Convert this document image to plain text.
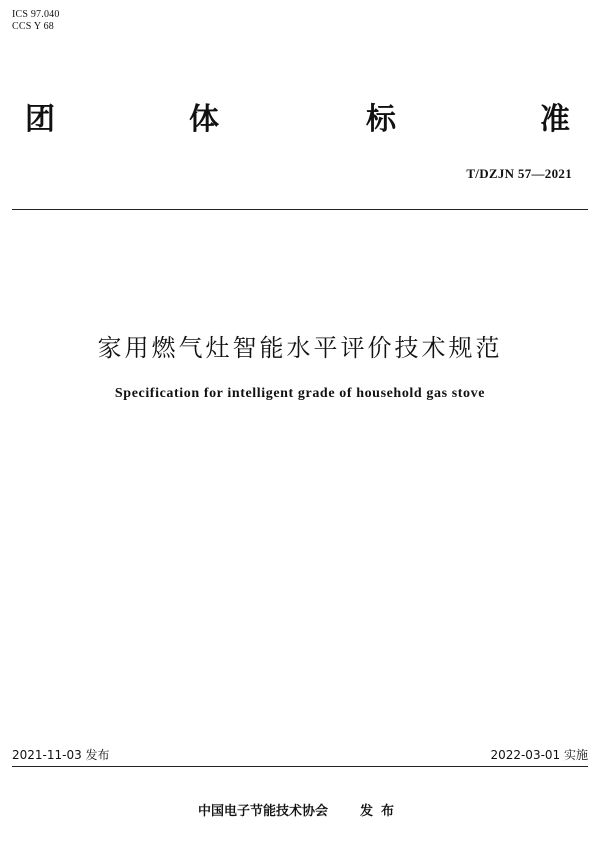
ICS 97.040
CCS Y 68
团	体	标	准
T/DZJN 57—2021
家用燃气灶智能水平评价技术规范
Specification for intelligent grade of household gas stove
2021-11-03 发布	2022-03-01 实施
中国电子节能技术协会 发布
